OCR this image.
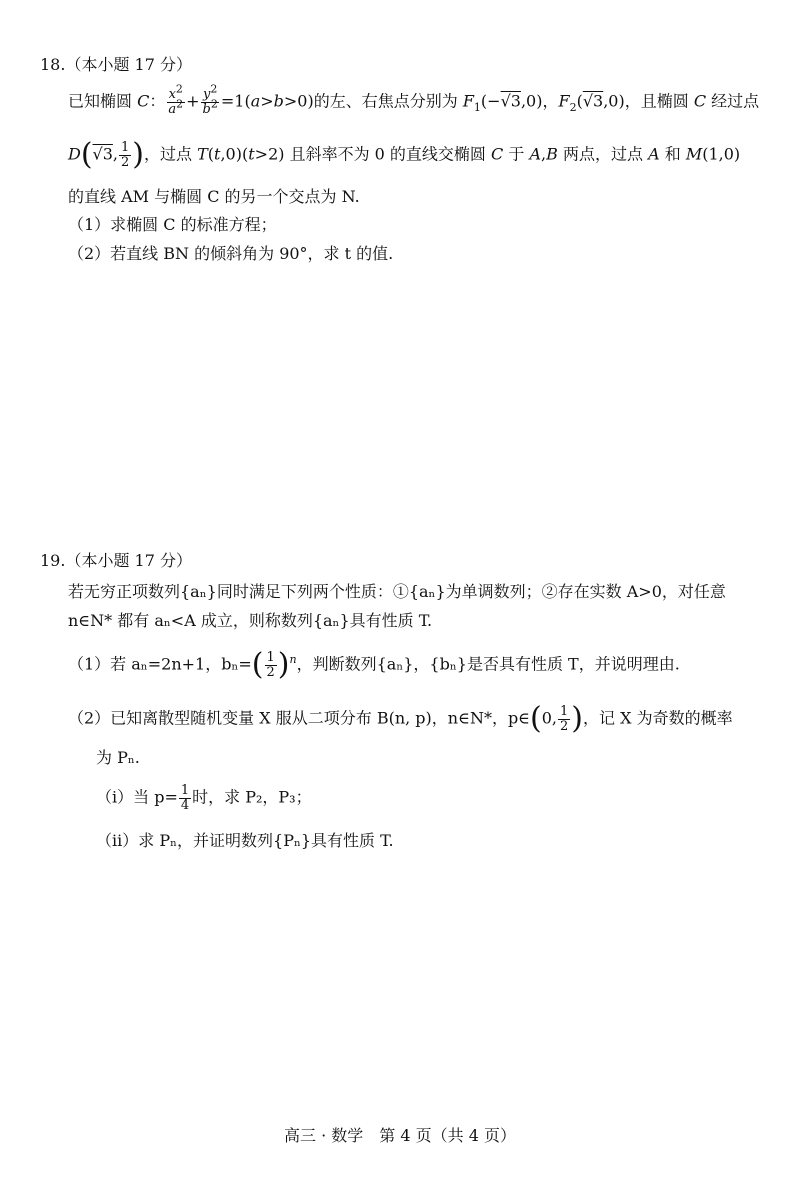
18.（本小题 17 分）
已知椭圆 C： $\frac{x^2}{a^2} + \frac{y^2}{b^2} =1(a>b>0)$的左、右焦点分别为 $F_1(-√3,0)$，$F_2(√3,0)$，且椭圆 C 经过点
D(√3, $\frac{1}{2}$ )，过点 T(t,0)(t>2) 且斜率不为 0 的直线交椭圆 C 于 A,B 两点，过点 A 和 M(1,0)
的直线 AM 与椭圆 C 的另一个交点为 N.
（1）求椭圆 C 的标准方程；
（2）若直线 BN 的倾斜角为 90°，求 t 的值.
19.（本小题 17 分）
若无穷正项数列{aₙ}同时满足下列两个性质：①{aₙ}为单调数列；②存在实数 A>0，对任意
n∈N* 都有 aₙ<A 成立，则称数列{aₙ}具有性质 T.
（1）若 aₙ=2n+1，$b_n=( \frac{1}{2} )^n$，判断数列{aₙ}，{bₙ}是否具有性质 T，并说明理由.
（2）已知离散型随机变量 X 服从二项分布 B(n, p)，n∈N*，p∈(0, $\frac{1}{2}$ )，记 X 为奇数的概率
为 Pₙ.
（ⅰ）当 $p= \frac{1}{4}$ 时，求 P₂，P₃；
（ⅱ）求 Pₙ，并证明数列{Pₙ}具有性质 T.
高三 · 数学　第 4 页（共 4 页）
